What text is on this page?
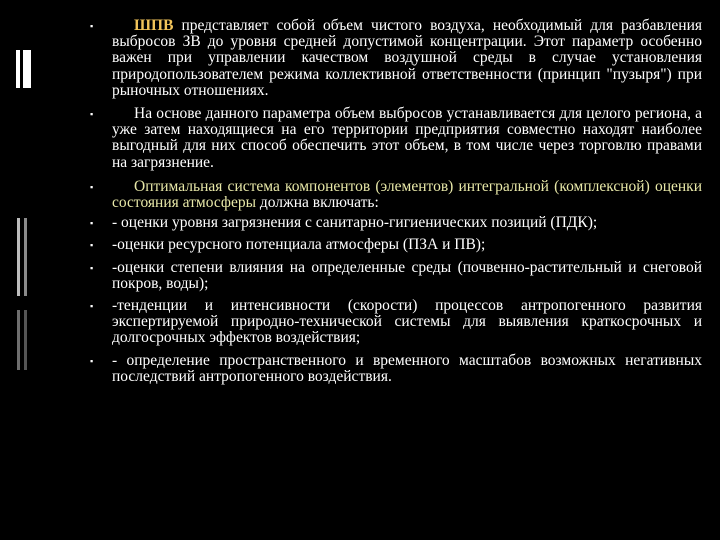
▪

ШПВ представляет собой объем чистого воздуха, необходимый для разбавления выбросов ЗВ до уровня средней допустимой концентрации. Этот параметр особенно важен при управлении качеством воздушной среды в случае установления природопользователем режима коллективной ответственности (принцип "пузыря") при рыночных отношениях.

▪

На основе данного параметра объем выбросов устанавливается для целого региона, а уже затем находящиеся на его территории предприятия совместно находят наиболее выгодный для них способ обеспечить этот объем, в том числе через торговлю правами на загрязнение.

▪

Оптимальная система компонентов (элементов) интегральной (комплексной) оценки состояния атмосферы должна включать:

▪

- оценки уровня загрязнения с санитарно-гигиенических позиций (ПДК);

▪

-оценки ресурсного потенциала атмосферы (ПЗА и ПВ);

▪

-оценки степени влияния на определенные среды (почвенно-растительный и снеговой покров, воды);

▪

-тенденции и интенсивности (скорости) процессов антропогенного развития экспертируемой природно-технической системы для выявления краткосрочных и долгосрочных эффектов воздействия;

▪

- определение пространственного и временного масштабов возможных негативных последствий антропогенного воздействия.
